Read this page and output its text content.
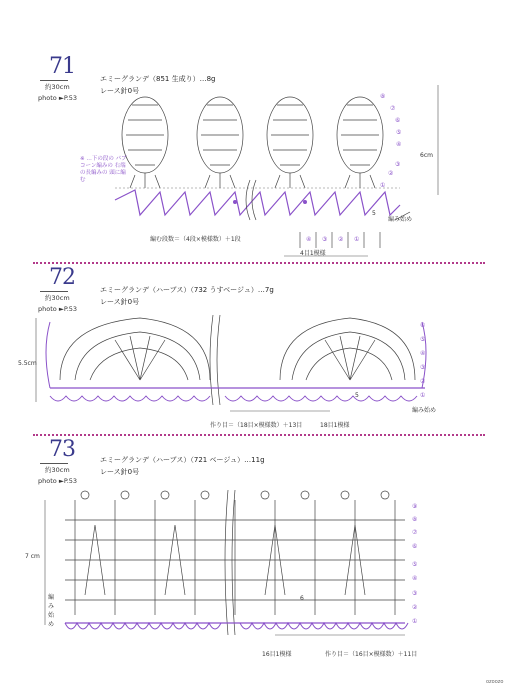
71
約30cm
photo ►P.53
エミーグランデ（851 生成り）…8g
レース針0号
※ …下の段の パプコーン編みの 右端の長編みの 頭に編む
6cm
編み始め
編む段数＝（4段×模様数）＋1段
4目1模様
5
⑧
⑦
⑥
⑤
④
③
②
①
④ ③ ② ①
72
約30cm
photo ►P.53
エミーグランデ（ハーブス）（732 うすベージュ）…7g
レース針0号
5.5cm
5
編み始め
作り目＝（18目×模様数）＋13目	18目1模様
⑥
⑤
④
③
②
①
73
約30cm
photo ►P.53
エミーグランデ（ハーブス）（721 ベージュ）…11g
レース針0号
7 cm
編み始め
6
16目1模様	作り目＝（16目×模様数）＋11目
⑨
⑧
⑦
⑥
⑤
④
③
②
①
ozoozo
